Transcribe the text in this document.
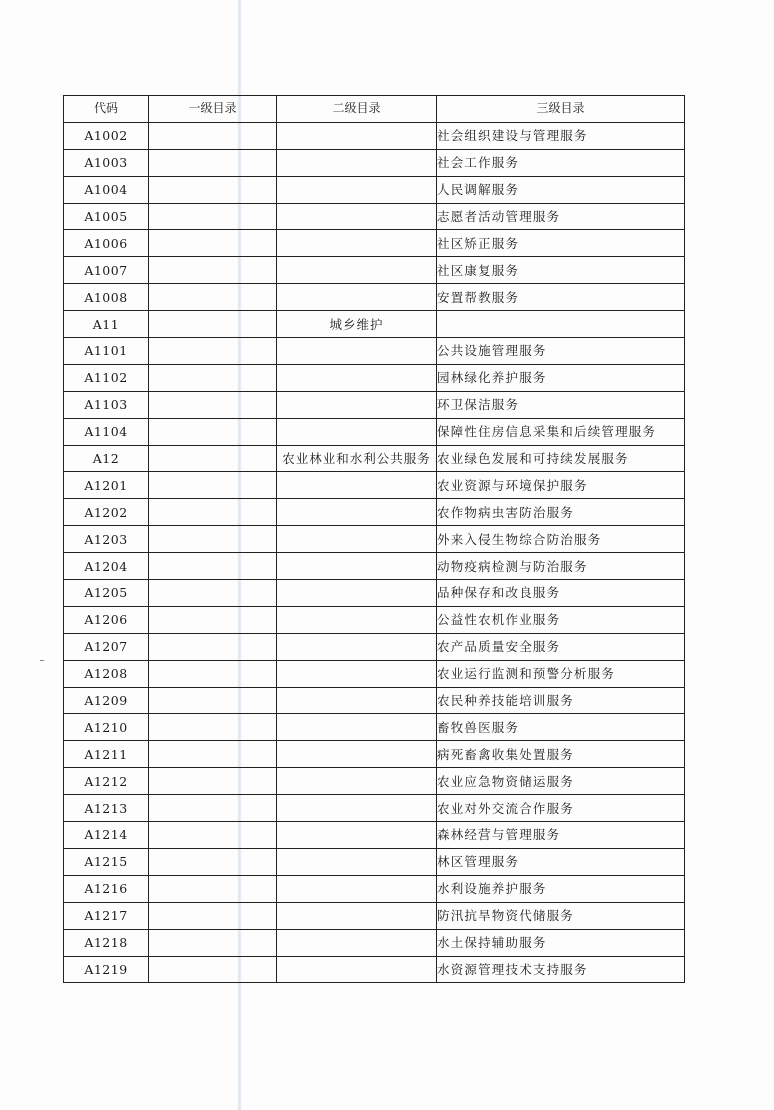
代码	一级目录	二级目录	三级目录
A1002			社会组织建设与管理服务
A1003			社会工作服务
A1004			人民调解服务
A1005			志愿者活动管理服务
A1006			社区矫正服务
A1007			社区康复服务
A1008			安置帮教服务
A11		城乡维护	
A1101			公共设施管理服务
A1102			园林绿化养护服务
A1103			环卫保洁服务
A1104			保障性住房信息采集和后续管理服务
A12		农业林业和水利公共服务	农业绿色发展和可持续发展服务
A1201			农业资源与环境保护服务
A1202			农作物病虫害防治服务
A1203			外来入侵生物综合防治服务
A1204			动物疫病检测与防治服务
A1205			品种保存和改良服务
A1206			公益性农机作业服务
A1207			农产品质量安全服务
A1208			农业运行监测和预警分析服务
A1209			农民种养技能培训服务
A1210			畜牧兽医服务
A1211			病死畜禽收集处置服务
A1212			农业应急物资储运服务
A1213			农业对外交流合作服务
A1214			森林经营与管理服务
A1215			林区管理服务
A1216			水利设施养护服务
A1217			防汛抗旱物资代储服务
A1218			水土保持辅助服务
A1219			水资源管理技术支持服务
